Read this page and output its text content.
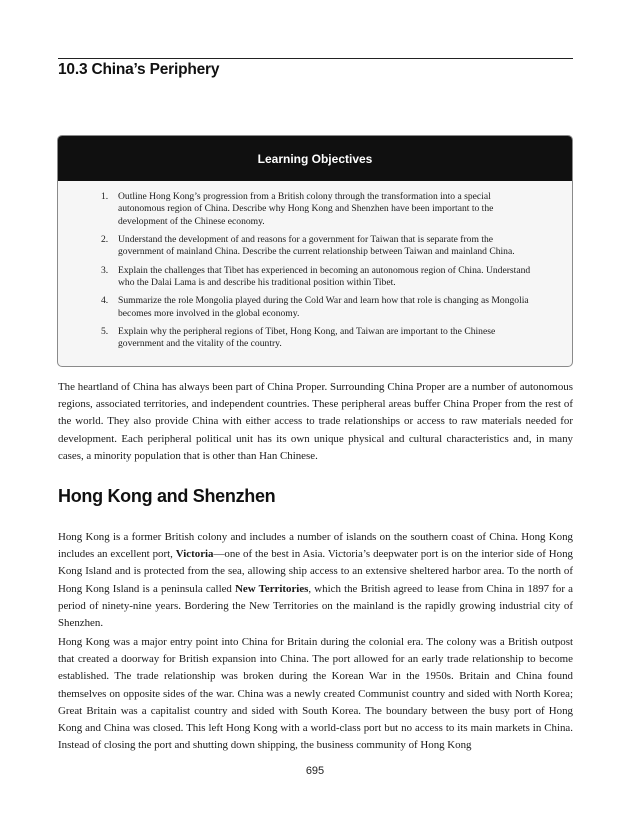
10.3 China’s Periphery
Learning Objectives
1. Outline Hong Kong’s progression from a British colony through the transformation into a special autonomous region of China. Describe why Hong Kong and Shenzhen have been important to the development of the Chinese economy.
2. Understand the development of and reasons for a government for Taiwan that is separate from the government of mainland China. Describe the current relationship between Taiwan and mainland China.
3. Explain the challenges that Tibet has experienced in becoming an autonomous region of China. Understand who the Dalai Lama is and describe his traditional position within Tibet.
4. Summarize the role Mongolia played during the Cold War and learn how that role is changing as Mongolia becomes more involved in the global economy.
5. Explain why the peripheral regions of Tibet, Hong Kong, and Taiwan are important to the Chinese government and the vitality of the country.

The heartland of China has always been part of China Proper. Surrounding China Proper are a number of autonomous regions, associated territories, and independent countries. These peripheral areas buffer China Proper from the rest of the world. They also provide China with either access to trade relationships or access to raw materials needed for development. Each peripheral political unit has its own unique physical and cultural characteristics and, in many cases, a minority population that is other than Han Chinese.

Hong Kong and Shenzhen

Hong Kong is a former British colony and includes a number of islands on the southern coast of China. Hong Kong includes an excellent port, Victoria—one of the best in Asia. Victoria’s deepwater port is on the interior side of Hong Kong Island and is protected from the sea, allowing ship access to an extensive sheltered harbor area. To the north of Hong Kong Island is a peninsula called New Territories, which the British agreed to lease from China in 1897 for a period of ninety-nine years. Bordering the New Territories on the mainland is the rapidly growing industrial city of Shenzhen.

Hong Kong was a major entry point into China for Britain during the colonial era. The colony was a British outpost that created a doorway for British expansion into China. The port allowed for an early trade relationship to become established. The trade relationship was broken during the Korean War in the 1950s. Britain and China found themselves on opposite sides of the war. China was a newly created Communist country and sided with North Korea; Great Britain was a capitalist country and sided with South Korea. The boundary between the busy port of Hong Kong and China was closed. This left Hong Kong with a world-class port but no access to its main markets in China. Instead of closing the port and shutting down shipping, the business community of Hong Kong

695
